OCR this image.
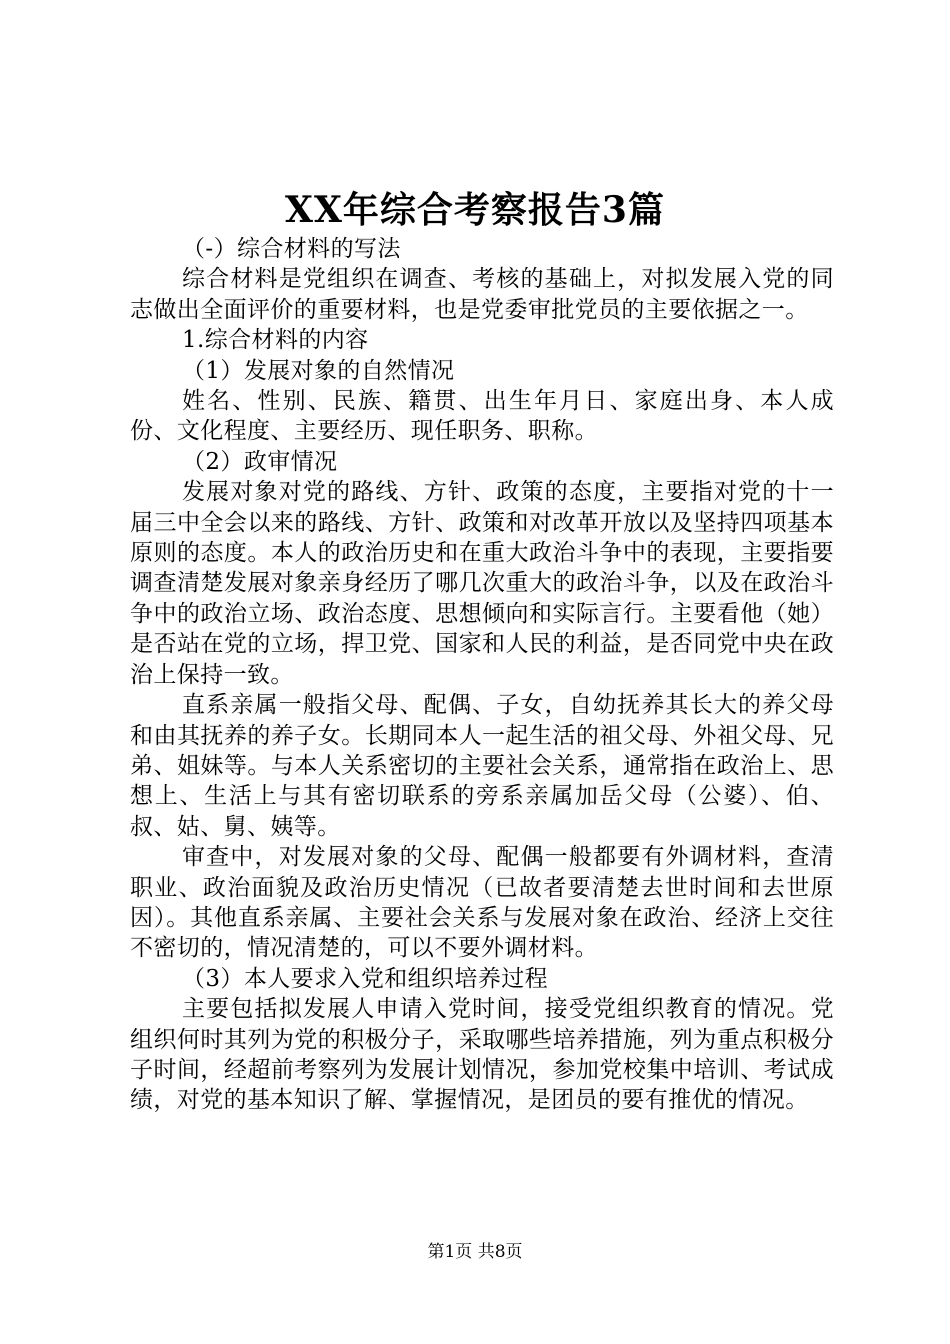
XX年综合考察报告3篇

（-）综合材料的写法

综合材料是党组织在调查、考核的基础上，对拟发展入党的同志做出全面评价的重要材料，也是党委审批党员的主要依据之一。

1.综合材料的内容

（1）发展对象的自然情况

姓名、性别、民族、籍贯、出生年月日、家庭出身、本人成份、文化程度、主要经历、现任职务、职称。

（2）政审情况

发展对象对党的路线、方针、政策的态度，主要指对党的十一届三中全会以来的路线、方针、政策和对改革开放以及坚持四项基本原则的态度。本人的政治历史和在重大政治斗争中的表现，主要指要调查清楚发展对象亲身经历了哪几次重大的政治斗争，以及在政治斗争中的政治立场、政治态度、思想倾向和实际言行。主要看他（她）是否站在党的立场，捍卫党、国家和人民的利益，是否同党中央在政治上保持一致。

直系亲属一般指父母、配偶、子女，自幼抚养其长大的养父母和由其抚养的养子女。长期同本人一起生活的祖父母、外祖父母、兄弟、姐妹等。与本人关系密切的主要社会关系，通常指在政治上、思想上、生活上与其有密切联系的旁系亲属加岳父母（公婆）、伯、叔、姑、舅、姨等。

审查中，对发展对象的父母、配偶一般都要有外调材料，查清职业、政治面貌及政治历史情况（已故者要清楚去世时间和去世原因）。其他直系亲属、主要社会关系与发展对象在政治、经济上交往不密切的，情况清楚的，可以不要外调材料。

（3）本人要求入党和组织培养过程

主要包括拟发展人申请入党时间，接受党组织教育的情况。党组织何时其列为党的积极分子，采取哪些培养措施，列为重点积极分子时间，经超前考察列为发展计划情况，参加党校集中培训、考试成绩，对党的基本知识了解、掌握情况，是团员的要有推优的情况。

第1页 共8页
